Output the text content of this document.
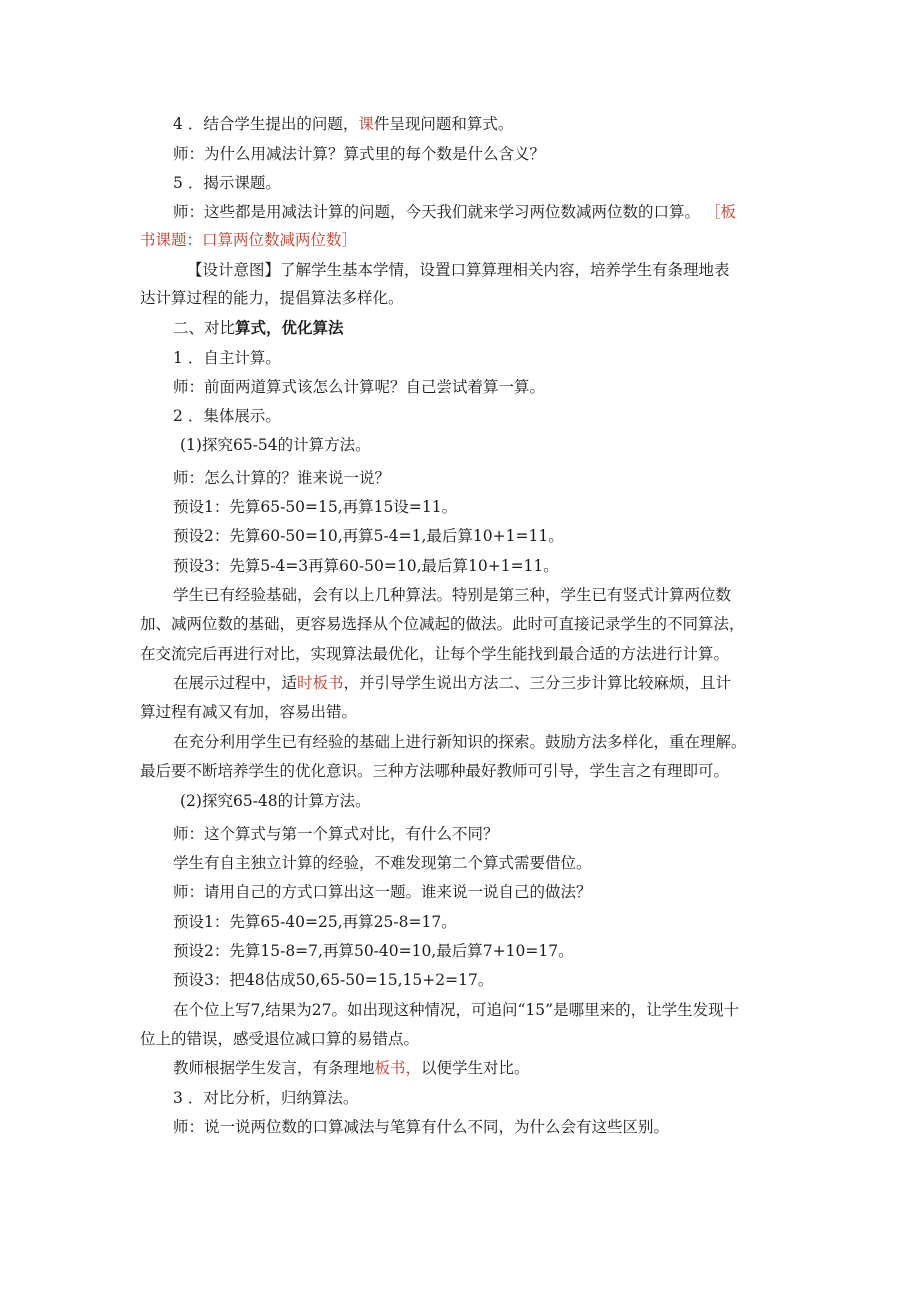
4 ．结合学生提出的问题，课件呈现问题和算式。
师：为什么用减法计算？算式里的每个数是什么含义？
5 ．揭示课题。
师：这些都是用减法计算的问题，今天我们就来学习两位数减两位数的口算。 ［板
书课题：口算两位数减两位数］
【设计意图】了解学生基本学情，设置口算算理相关内容，培养学生有条理地表
达计算过程的能力，提倡算法多样化。
二、对比算式，优化算法
1 ．自主计算。
师：前面两道算式该怎么计算呢？自己尝试着算一算。
2 ．集体展示。
(1)探究65-54的计算方法。
师：怎么计算的？谁来说一说？
预设1：先算65-50=15,再算15设=11。
预设2：先算60-50=10,再算5-4=1,最后算10+1=11。
预设3：先算5-4=3再算60-50=10,最后算10+1=11。
学生已有经验基础，会有以上几种算法。特别是第三种，学生已有竖式计算两位数
加、减两位数的基础，更容易选择从个位减起的做法。此时可直接记录学生的不同算法，
在交流完后再进行对比，实现算法最优化，让每个学生能找到最合适的方法进行计算。
在展示过程中，适时板书，并引导学生说出方法二、三分三步计算比较麻烦，且计
算过程有减又有加，容易出错。
在充分利用学生已有经验的基础上进行新知识的探索。鼓励方法多样化，重在理解。
最后要不断培养学生的优化意识。三种方法哪种最好教师可引导，学生言之有理即可。
(2)探究65-48的计算方法。
师：这个算式与第一个算式对比，有什么不同？
学生有自主独立计算的经验，不难发现第二个算式需要借位。
师：请用自己的方式口算出这一题。谁来说一说自己的做法？
预设1：先算65-40=25,再算25-8=17。
预设2：先算15-8=7,再算50-40=10,最后算7+10=17。
预设3：把48估成50,65-50=15,15+2=17。
在个位上写7,结果为27。如出现这种情况，可追问“15”是哪里来的，让学生发现十
位上的错误，感受退位减口算的易错点。
教师根据学生发言，有条理地板书，以便学生对比。
3 ．对比分析，归纳算法。
师：说一说两位数的口算减法与笔算有什么不同，为什么会有这些区别。
